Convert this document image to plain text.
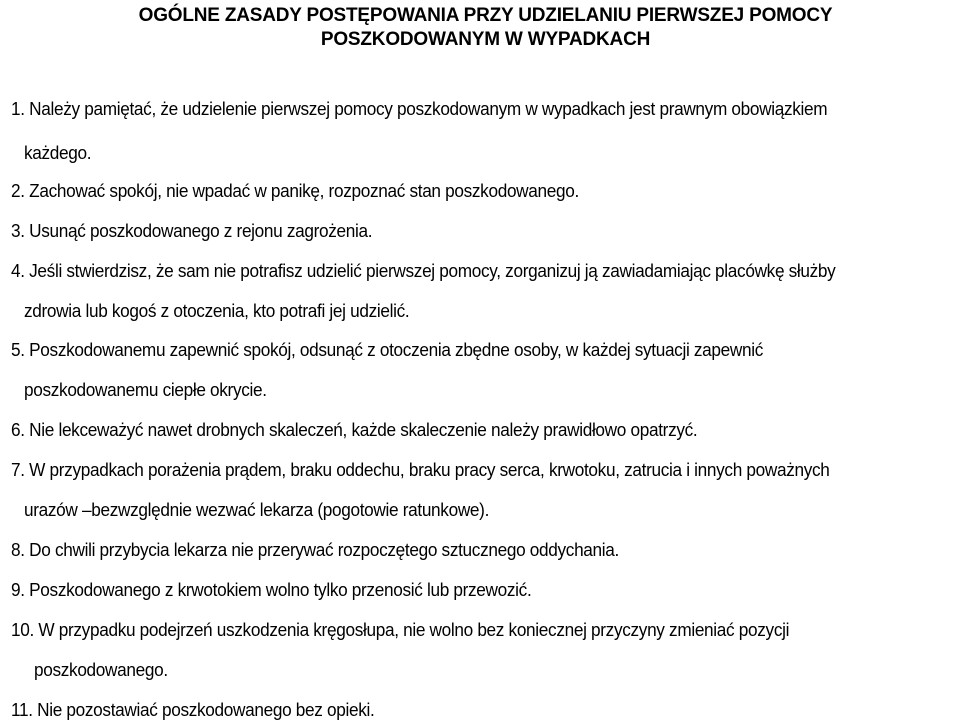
OGÓLNE ZASADY POSTĘPOWANIA PRZY UDZIELANIU PIERWSZEJ POMOCY
POSZKODOWANYM W WYPADKACH
1. Należy pamiętać, że udzielenie pierwszej pomocy poszkodowanym w wypadkach jest prawnym obowiązkiem
każdego.
2. Zachować spokój, nie wpadać w panikę, rozpoznać stan poszkodowanego.
3. Usunąć poszkodowanego z rejonu zagrożenia.
4. Jeśli stwierdzisz, że sam nie potrafisz udzielić pierwszej pomocy, zorganizuj ją zawiadamiając placówkę służby
zdrowia lub kogoś z otoczenia, kto potrafi jej udzielić.
5. Poszkodowanemu zapewnić spokój, odsunąć z otoczenia zbędne osoby, w każdej sytuacji zapewnić
poszkodowanemu ciepłe okrycie.
6. Nie lekceważyć nawet drobnych skaleczeń, każde skaleczenie należy prawidłowo opatrzyć.
7. W przypadkach porażenia prądem, braku oddechu, braku pracy serca, krwotoku, zatrucia i innych poważnych
urazów –bezwzględnie wezwać lekarza (pogotowie ratunkowe).
8. Do chwili przybycia lekarza nie przerywać rozpoczętego sztucznego oddychania.
9. Poszkodowanego z krwotokiem wolno tylko przenosić lub przewozić.
10. W przypadku podejrzeń uszkodzenia kręgosłupa, nie wolno bez koniecznej przyczyny zmieniać pozycji
poszkodowanego.
11. Nie pozostawiać poszkodowanego bez opieki.
